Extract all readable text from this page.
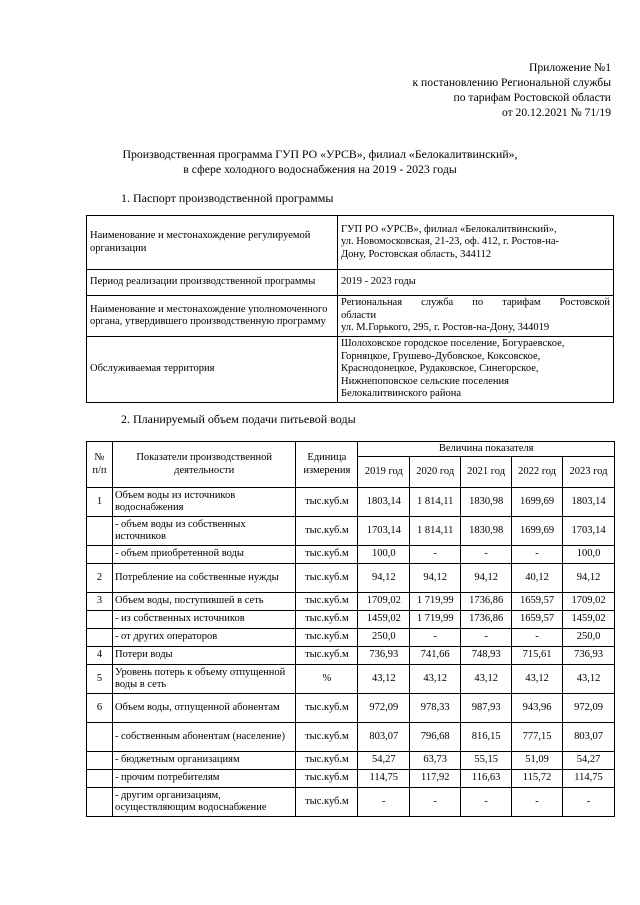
Приложение №1
к постановлению Региональной службы
по тарифам Ростовской области
от 20.12.2021 № 71/19
Производственная программа ГУП РО «УРСВ», филиал «Белокалитвинский»,
в сфере холодного водоснабжения на 2019 - 2023 годы
1. Паспорт производственной программы
Наименование и местонахождение регулируемой организации	ГУП РО «УРСВ», филиал «Белокалитвинский»,
ул. Новомосковская, 21-23, оф. 412, г. Ростов-на-
Дону, Ростовская область, 344112

Период реализации производственной программы	2019 - 2023 годы
Наименование и местонахождение уполномоченного органа, утвердившего производственную программу	Региональная служба по тарифам Ростовской
области
ул. М.Горького, 295, г. Ростов-на-Дону, 344019

Обслуживаемая территория	Шолоховское городское поселение, Богураевское,
Горняцкое, Грушево-Дубовское, Коксовское,
Краснодонецкое, Рудаковское, Синегорское,
Нижнепоповское сельские поселения
Белокалитвинского района
2. Планируемый объем подачи питьевой воды
№ п/п	Показатели производственной деятельности	Единица измерения	Величина показателя				
			2019 год	2020 год	2021 год	2022 год	2023 год
1	Объем воды из источников водоснабжения	тыс.куб.м	1803,14	1 814,11	1830,98	1699,69	1803,14
	- объем воды из собственных источников	тыс.куб.м	1703,14	1 814,11	1830,98	1699,69	1703,14
	- объем приобретенной воды	тыс.куб.м	100,0	-	-	-	100,0
2	Потребление на собственные нужды	тыс.куб.м	94,12	94,12	94,12	40,12	94,12
3	Объем воды, поступившей в сеть	тыс.куб.м	1709,02	1 719,99	1736,86	1659,57	1709,02
	- из собственных источников	тыс.куб.м	1459,02	1 719,99	1736,86	1659,57	1459,02
	- от других операторов	тыс.куб.м	250,0	-	-	-	250,0
4	Потери воды	тыс.куб.м	736,93	741,66	748,93	715,61	736,93
5	Уровень потерь к объему отпущенной воды в сеть	%	43,12	43,12	43,12	43,12	43,12
6	Объем воды, отпущенной абонентам	тыс.куб.м	972,09	978,33	987,93	943,96	972,09
	- собственным абонентам (население)	тыс.куб.м	803,07	796,68	816,15	777,15	803,07
	- бюджетным организациям	тыс.куб.м	54,27	63,73	55,15	51,09	54,27
	- прочим потребителям	тыс.куб.м	114,75	117,92	116,63	115,72	114,75
	- другим организациям, осуществляющим водоснабжение	тыс.куб.м	-	-	-	-	-
